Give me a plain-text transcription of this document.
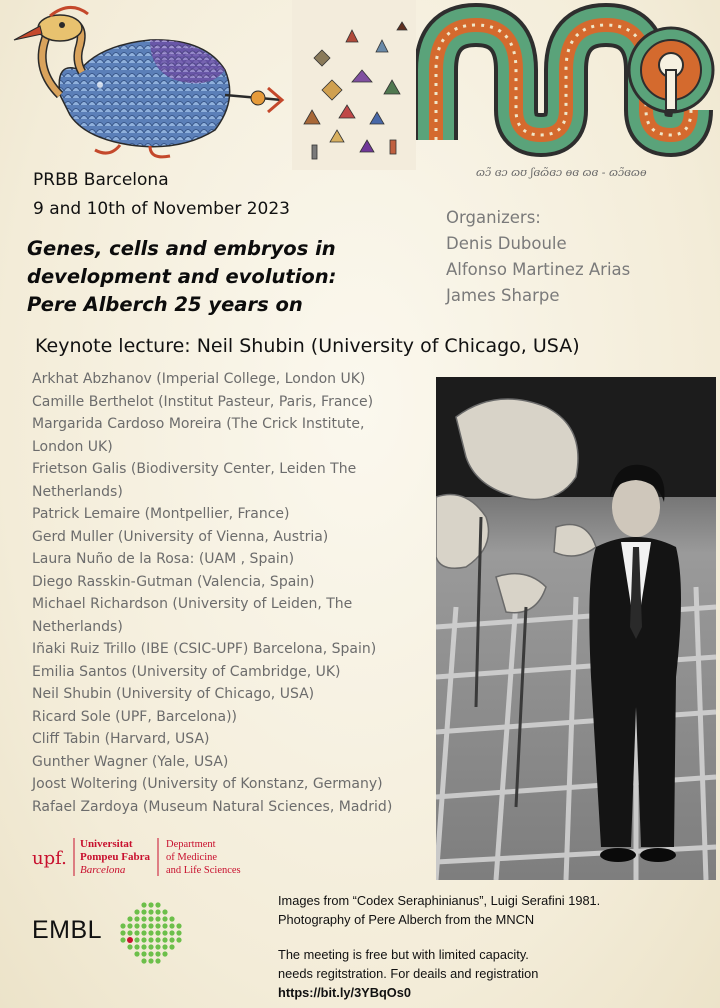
ɷɔ̃ ɞɔ ɷʊ ʃɞɷ̃ɞɔ ɵɞ ɷɞ - ɷɔ̃ɞɷɵ
PRBB Barcelona
9 and 10th of November 2023
Genes, cells and embryos in
development and evolution:
Pere Alberch 25 years on
Organizers:
Denis Duboule
Alfonso Martinez Arias
James Sharpe
Keynote lecture: Neil Shubin (University of Chicago, USA)
Arkhat Abzhanov (Imperial College, London UK)
Camille Berthelot (Institut Pasteur, Paris, France)
Margarida Cardoso Moreira (The Crick Institute, London UK)
Frietson Galis (Biodiversity Center, Leiden The Netherlands)
Patrick Lemaire (Montpellier, France)
Gerd Muller (University of Vienna, Austria)
Laura Nuño de la Rosa: (UAM , Spain)
Diego Rasskin-Gutman (Valencia, Spain)
Michael Richardson (University of Leiden, The Netherlands)
Iñaki Ruiz Trillo (IBE (CSIC-UPF) Barcelona, Spain)
Emilia Santos (University of Cambridge, UK)
Neil Shubin (University of Chicago, USA)
Ricard Sole (UPF, Barcelona))
Cliff Tabin (Harvard, USA)
Gunther Wagner (Yale, USA)
Joost Woltering (University of Konstanz, Germany)
Rafael Zardoya (Museum Natural Sciences, Madrid)
upf.
Universitat
Pompeu Fabra
Barcelona
Department
of Medicine
and Life Sciences
EMBL
Images from “Codex Seraphinianus”, Luigi Serafini 1981.
Photography of Pere Alberch from the MNCN
The meeting is free but with limited capacity.
needs regitstration. For deails and registration
https://bit.ly/3YBqOs0
